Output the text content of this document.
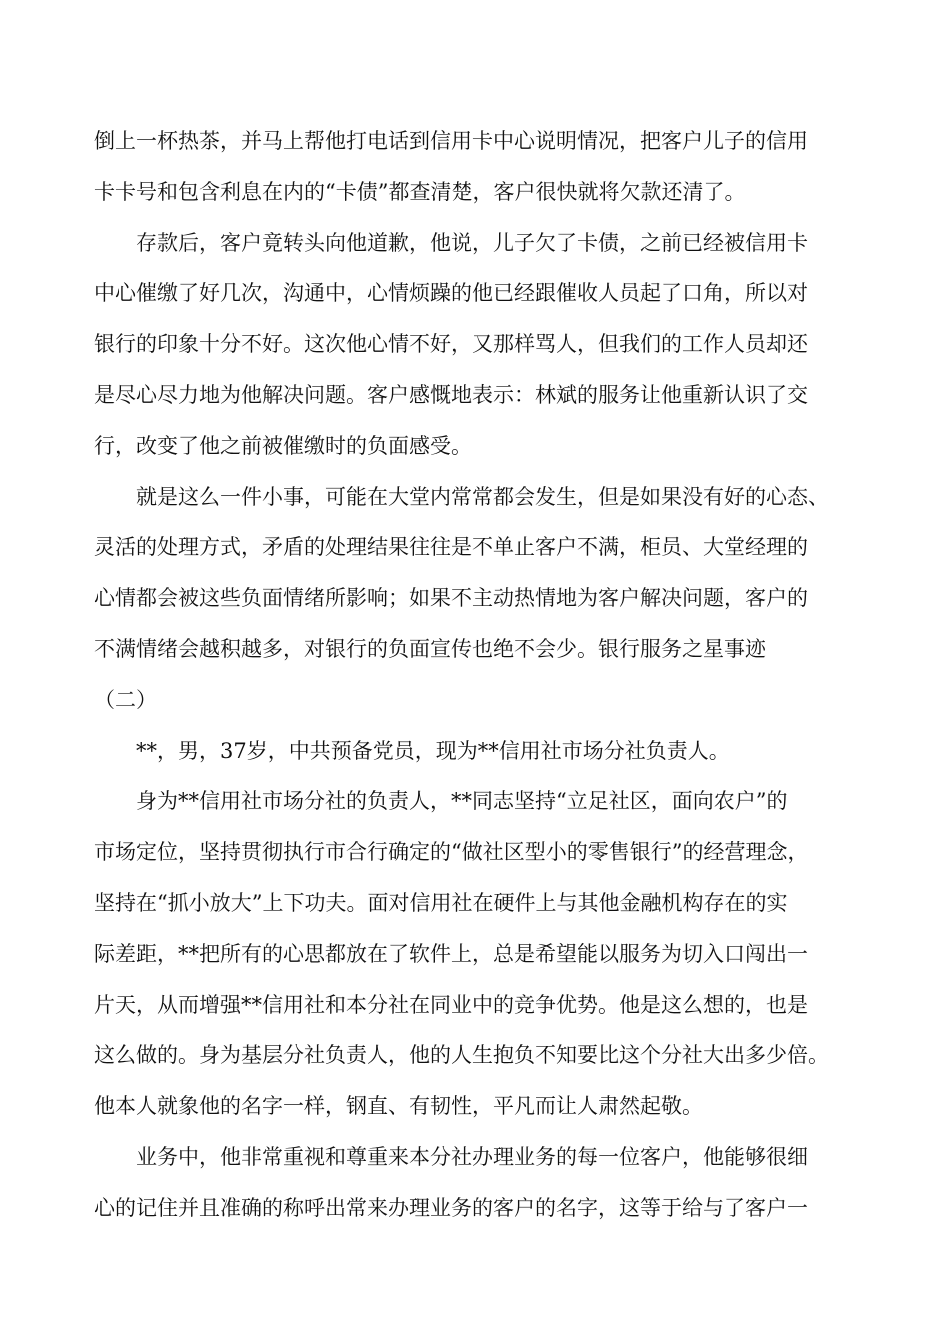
倒上一杯热茶，并马上帮他打电话到信用卡中心说明情况，把客户儿子的信用
卡卡号和包含利息在内的“卡债”都查清楚，客户很快就将欠款还清了。
存款后，客户竟转头向他道歉，他说，儿子欠了卡债，之前已经被信用卡
中心催缴了好几次，沟通中，心情烦躁的他已经跟催收人员起了口角，所以对
银行的印象十分不好。这次他心情不好，又那样骂人，但我们的工作人员却还
是尽心尽力地为他解决问题。客户感慨地表示：林斌的服务让他重新认识了交
行，改变了他之前被催缴时的负面感受。
就是这么一件小事，可能在大堂内常常都会发生，但是如果没有好的心态、
灵活的处理方式，矛盾的处理结果往往是不单止客户不满，柜员、大堂经理的
心情都会被这些负面情绪所影响；如果不主动热情地为客户解决问题，客户的
不满情绪会越积越多，对银行的负面宣传也绝不会少。银行服务之星事迹
（二）
**，男，37岁，中共预备党员，现为**信用社市场分社负责人。
身为**信用社市场分社的负责人，**同志坚持“立足社区，面向农户”的
市场定位，坚持贯彻执行市合行确定的“做社区型小的零售银行”的经营理念，
坚持在“抓小放大”上下功夫。面对信用社在硬件上与其他金融机构存在的实
际差距，**把所有的心思都放在了软件上，总是希望能以服务为切入口闯出一
片天，从而增强**信用社和本分社在同业中的竞争优势。他是这么想的，也是
这么做的。身为基层分社负责人，他的人生抱负不知要比这个分社大出多少倍。
他本人就象他的名字一样，钢直、有韧性，平凡而让人肃然起敬。
业务中，他非常重视和尊重来本分社办理业务的每一位客户，他能够很细
心的记住并且准确的称呼出常来办理业务的客户的名字，这等于给与了客户一
